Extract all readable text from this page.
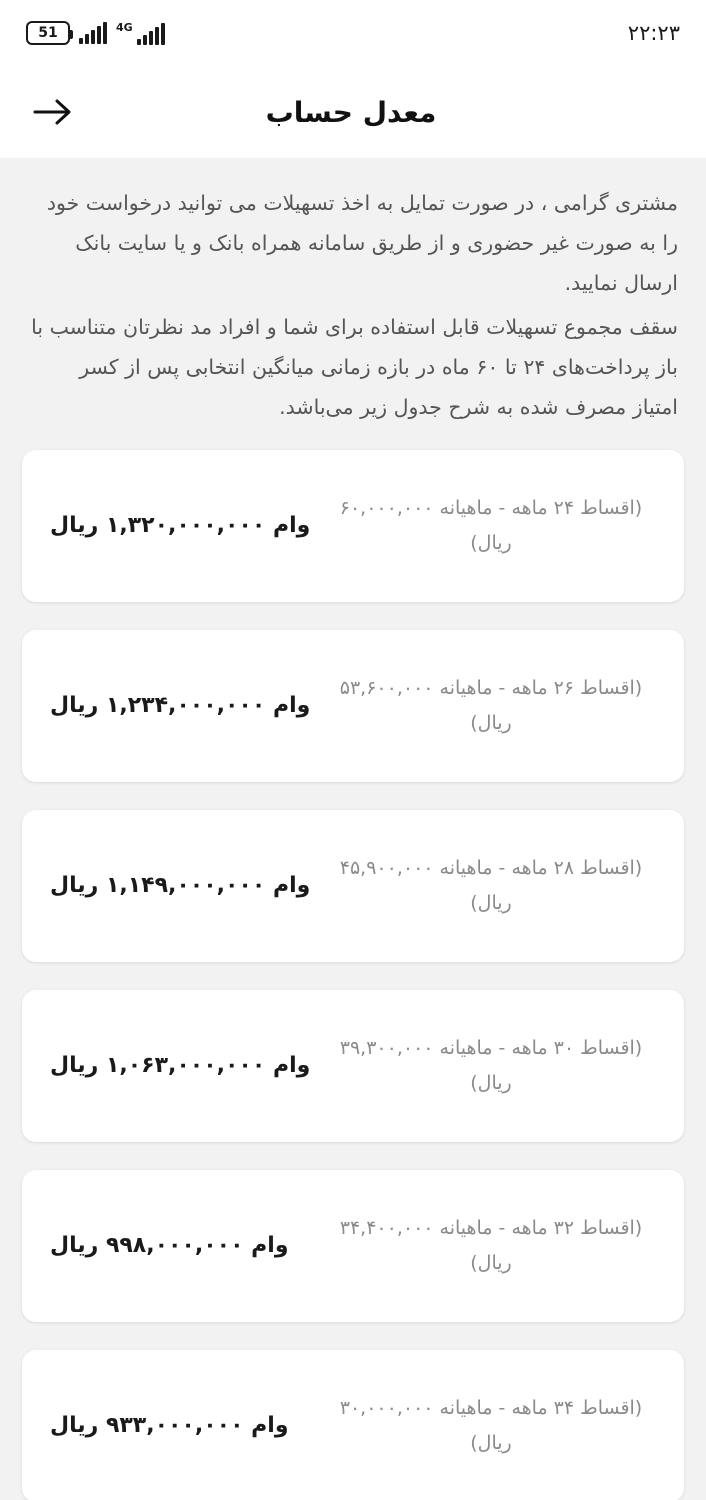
51	4G	۲۲:۲۳
معدل حساب

مشتری گرامی ، در صورت تمایل به اخذ تسهیلات می توانید درخواست خود را به صورت غیر حضوری و از طریق سامانه همراه بانک و یا سایت بانک ارسال نمایید.

سقف مجموع تسهیلات قابل استفاده برای شما و افراد مد نظرتان متناسب با باز پرداخت‌های ۲۴ تا ۶۰ ماه در بازه زمانی میانگین انتخابی پس از کسر امتیاز مصرف شده به شرح جدول زیر می‌باشد.

(اقساط ۲۴ ماهه - ماهیانه ۶۰,۰۰۰,۰۰۰ ریال)
وام ۱,۳۲۰,۰۰۰,۰۰۰ ریال
(اقساط ۲۶ ماهه - ماهیانه ۵۳,۶۰۰,۰۰۰ ریال)
وام ۱,۲۳۴,۰۰۰,۰۰۰ ریال
(اقساط ۲۸ ماهه - ماهیانه ۴۵,۹۰۰,۰۰۰ ریال)
وام ۱,۱۴۹,۰۰۰,۰۰۰ ریال
(اقساط ۳۰ ماهه - ماهیانه ۳۹,۳۰۰,۰۰۰ ریال)
وام ۱,۰۶۳,۰۰۰,۰۰۰ ریال
(اقساط ۳۲ ماهه - ماهیانه ۳۴,۴۰۰,۰۰۰ ریال)
وام ۹۹۸,۰۰۰,۰۰۰ ریال
(اقساط ۳۴ ماهه - ماهیانه ۳۰,۰۰۰,۰۰۰ ریال)
وام ۹۳۳,۰۰۰,۰۰۰ ریال
